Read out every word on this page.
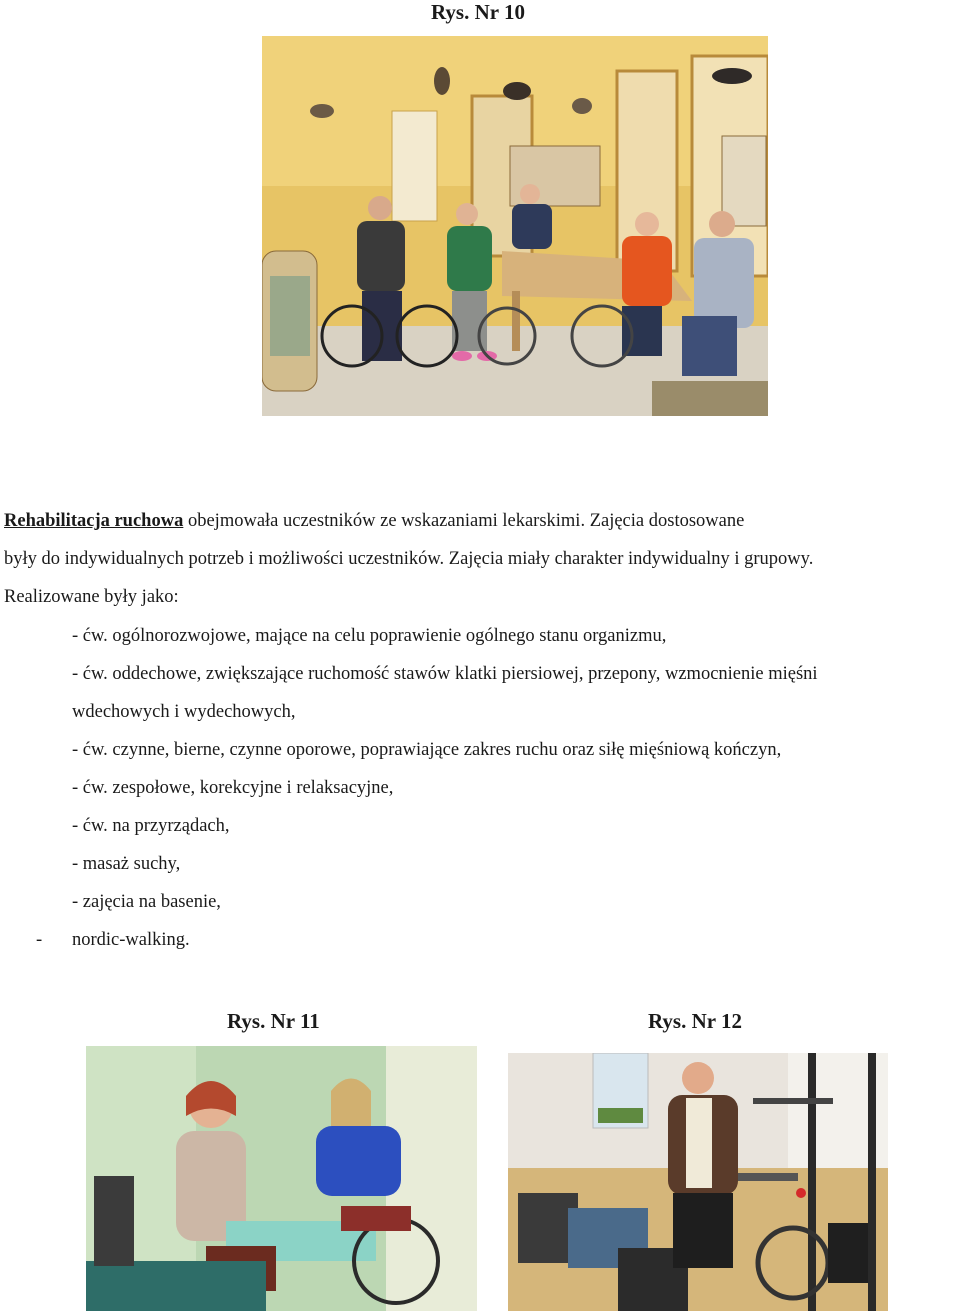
Rys. Nr 10
Rehabilitacja ruchowa obejmowała uczestników ze wskazaniami lekarskimi. Zajęcia dostosowane
były do indywidualnych potrzeb i możliwości uczestników. Zajęcia miały charakter indywidualny i grupowy.
Realizowane były jako:
- ćw. ogólnorozwojowe, mające na celu poprawienie ogólnego stanu organizmu,
- ćw. oddechowe, zwiększające ruchomość stawów klatki piersiowej, przepony, wzmocnienie mięśni
wdechowych i wydechowych,
- ćw. czynne, bierne, czynne oporowe, poprawiające zakres ruchu oraz siłę mięśniową kończyn,
- ćw. zespołowe, korekcyjne i relaksacyjne,
- ćw. na przyrządach,
- masaż suchy,
- zajęcia na basenie,
- nordic-walking.
Rys. Nr 11	Rys. Nr 12
